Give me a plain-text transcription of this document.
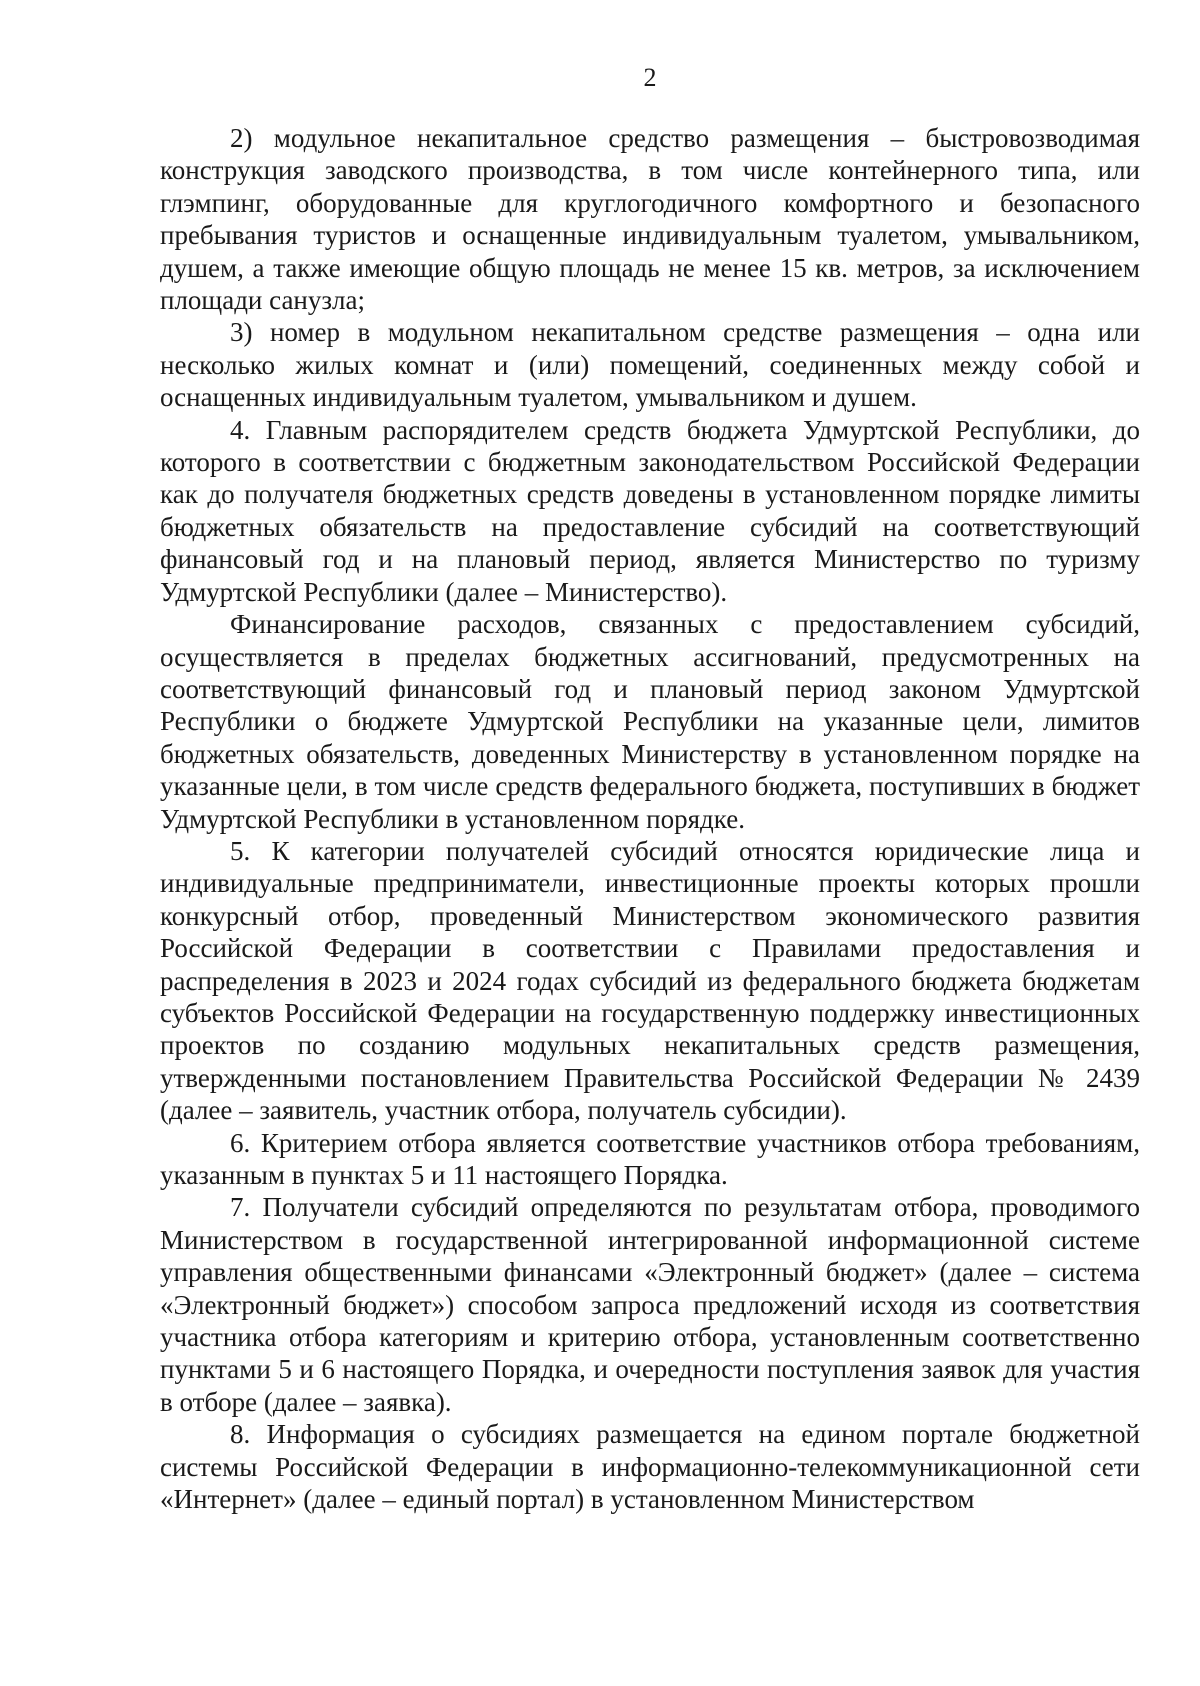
2

2) модульное некапитальное средство размещения – быстровозводимая конструкция заводского производства, в том числе контейнерного типа, или глэмпинг, оборудованные для круглогодичного комфортного и безопасного пребывания туристов и оснащенные индивидуальным туалетом, умывальником, душем, а также имеющие общую площадь не менее 15 кв. метров, за исключением площади санузла;

3) номер в модульном некапитальном средстве размещения – одна или несколько жилых комнат и (или) помещений, соединенных между собой и оснащенных индивидуальным туалетом, умывальником и душем.

4. Главным распорядителем средств бюджета Удмуртской Республики, до которого в соответствии с бюджетным законодательством Российской Федерации как до получателя бюджетных средств доведены в установленном порядке лимиты бюджетных обязательств на предоставление субсидий на соответствующий финансовый год и на плановый период, является Министерство по туризму Удмуртской Республики (далее – Министерство).

Финансирование расходов, связанных с предоставлением субсидий, осуществляется в пределах бюджетных ассигнований, предусмотренных на соответствующий финансовый год и плановый период законом Удмуртской Республики о бюджете Удмуртской Республики на указанные цели, лимитов бюджетных обязательств, доведенных Министерству в установленном порядке на указанные цели, в том числе средств федерального бюджета, поступивших в бюджет Удмуртской Республики в установленном порядке.

5. К категории получателей субсидий относятся юридические лица и индивидуальные предприниматели, инвестиционные проекты которых прошли конкурсный отбор, проведенный Министерством экономического развития Российской Федерации в соответствии с Правилами предоставления и распределения в 2023 и 2024 годах субсидий из федерального бюджета бюджетам субъектов Российской Федерации на государственную поддержку инвестиционных проектов по созданию модульных некапитальных средств размещения, утвержденными постановлением Правительства Российской Федерации № 2439 (далее – заявитель, участник отбора, получатель субсидии).

6. Критерием отбора является соответствие участников отбора требованиям, указанным в пунктах 5 и 11 настоящего Порядка.

7. Получатели субсидий определяются по результатам отбора, проводимого Министерством в государственной интегрированной информационной системе управления общественными финансами «Электронный бюджет» (далее – система «Электронный бюджет») способом запроса предложений исходя из соответствия участника отбора категориям и критерию отбора, установленным соответственно пунктами 5 и 6 настоящего Порядка, и очередности поступления заявок для участия в отборе (далее – заявка).

8. Информация о субсидиях размещается на едином портале бюджетной системы Российской Федерации в информационно-телекоммуникационной сети «Интернет» (далее – единый портал) в установленном Министерством
